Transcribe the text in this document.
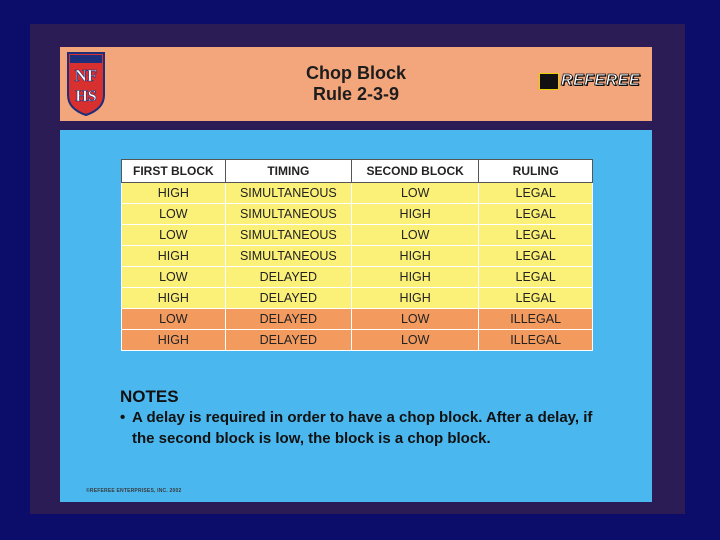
NF
HS
Chop Block
Rule 2-3-9
REFEREE
FIRST BLOCK	TIMING	SECOND BLOCK	RULING
HIGH	SIMULTANEOUS	LOW	LEGAL
LOW	SIMULTANEOUS	HIGH	LEGAL
LOW	SIMULTANEOUS	LOW	LEGAL
HIGH	SIMULTANEOUS	HIGH	LEGAL
LOW	DELAYED	HIGH	LEGAL
HIGH	DELAYED	HIGH	LEGAL
LOW	DELAYED	LOW	ILLEGAL
HIGH	DELAYED	LOW	ILLEGAL
NOTES
• A delay is required in order to have a chop block. After a delay, if the second block is low, the block is a chop block.
©REFEREE ENTERPRISES, INC. 2002
